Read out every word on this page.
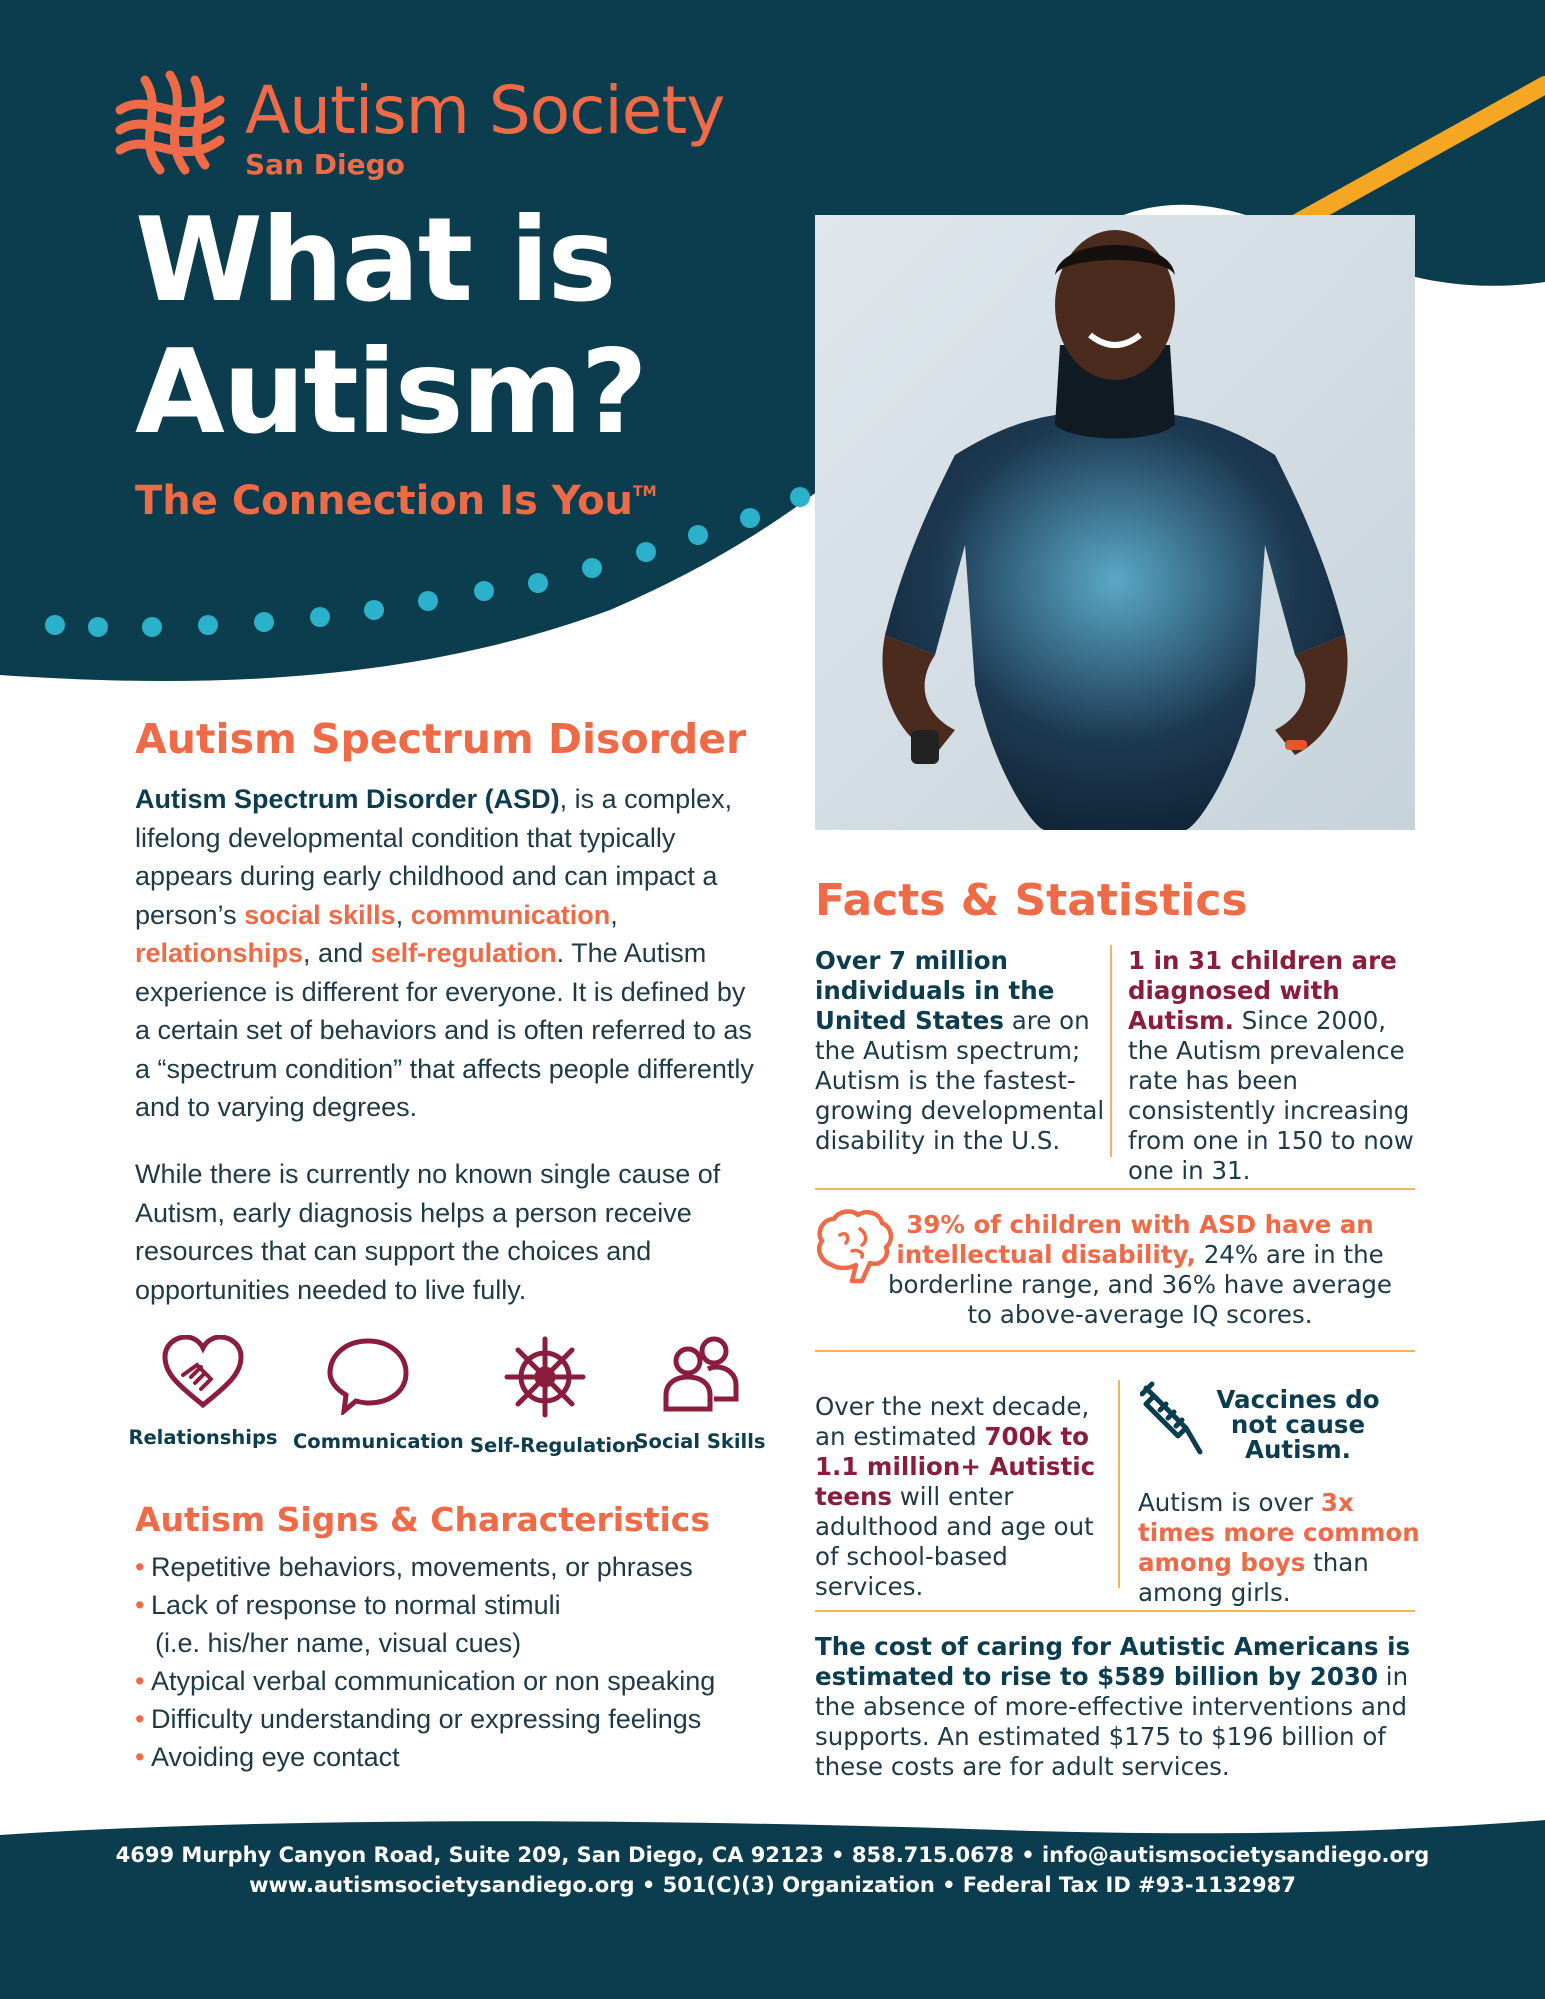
Autism Society
San Diego
What is
Autism?
The Connection Is You™
Autism Spectrum Disorder
Autism Spectrum Disorder (ASD), is a complex, lifelong developmental condition that typically appears during early childhood and can impact a person’s social skills, communication, relationships, and self-regulation. The Autism experience is different for everyone. It is defined by a certain set of behaviors and is often referred to as a “spectrum condition” that affects people differently and to varying degrees.
While there is currently no known single cause of Autism, early diagnosis helps a person receive resources that can support the choices and opportunities needed to live fully.
Relationships Communication Self-Regulation
Social Skills
Autism Signs & Characteristics
• Repetitive behaviors, movements, or phrases
• Lack of response to normal stimuli
(i.e. his/her name, visual cues)
• Atypical verbal communication or non speaking
• Difficulty understanding or expressing feelings
• Avoiding eye contact
Facts & Statistics
Over 7 million individuals in the United States are on the Autism spectrum; Autism is the fastest-growing developmental disability in the U.S.
1 in 31 children are diagnosed with Autism. Since 2000, the Autism prevalence rate has been consistently increasing from one in 150 to now one in 31.
39% of children with ASD have an intellectual disability, 24% are in the borderline range, and 36% have average to above-average IQ scores.
Over the next decade, an estimated 700k to 1.1 million+ Autistic teens will enter adulthood and age out of school-based services.
Vaccines do not cause Autism.
Autism is over 3x times more common among boys than among girls.
The cost of caring for Autistic Americans is estimated to rise to $589 billion by 2030 in the absence of more-effective interventions and supports. An estimated $175 to $196 billion of these costs are for adult services.
4699 Murphy Canyon Road, Suite 209, San Diego, CA 92123 • 858.715.0678 • info@autismsocietysandiego.org
www.autismsocietysandiego.org • 501(C)(3) Organization • Federal Tax ID #93-1132987
